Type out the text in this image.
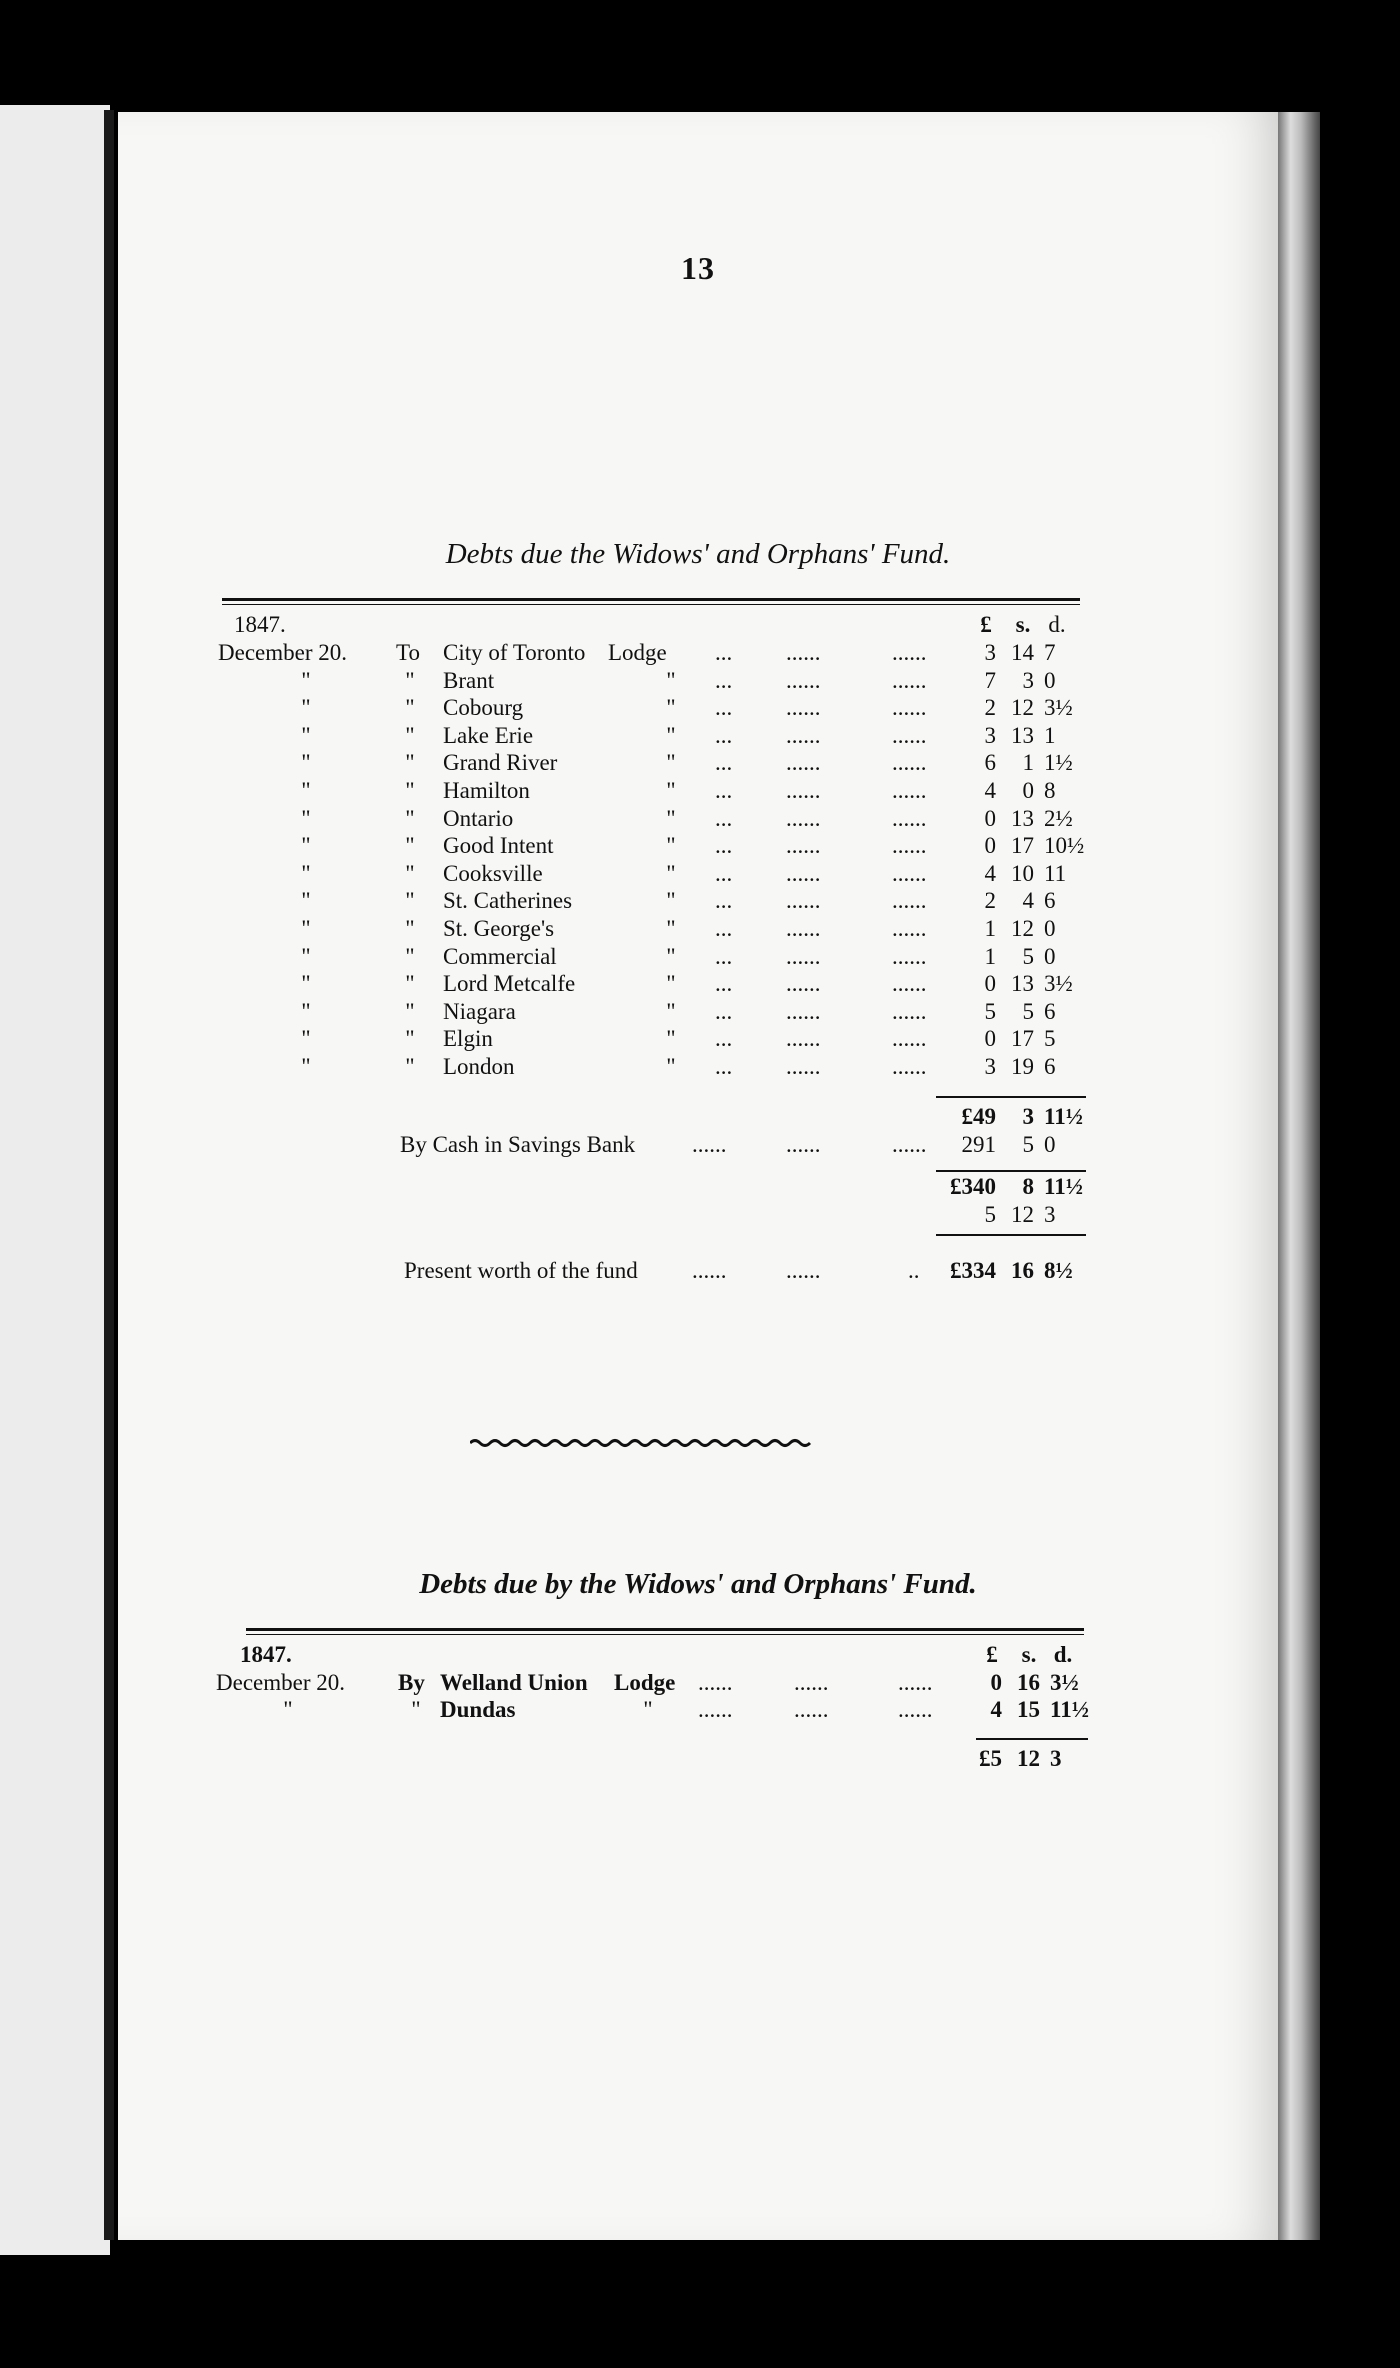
13
Debts due the Widows' and Orphans' Fund.
1847.	£	s. d.
December 20. To City of Toronto Lodge ... ......	......	3 14 7
"	" Brant	" ... ......	......	7	3 0
"	" Cobourg	" ... ......	......	2 12 3½
"	" Lake Erie	" ... ......	......	3 13 1
"	" Grand River	" ... ......	......	6	1 1½
"	" Hamilton	" ... ......	......	4	0 8
"	" Ontario	" ... ......	......	0 13 2½
"	" Good Intent	" ... ......	......	0 17 10½
"	" Cooksville	" ... ......	......	4 10 11
"	" St. Catherines	" ... ......	......	2	4 6
"	" St. George's	" ... ......	......	1 12 0
"	" Commercial	" ... ......	......	1	5 0
"	" Lord Metcalfe	" ... ......	......	0 13 3½
"	" Niagara	" ... ......	......	5	5 6
"	" Elgin	" ... ......	......	0 17 5
"	" London	" ... ......	......	3 19 6
£49	3 11½
By Cash in Savings Bank ......	......	......	291	5 0
£340	8 11½
5 12 3
Present worth of the fund ......	......	..	£334 16 8½
Debts due by the Widows' and Orphans' Fund.
1847.	£	s. d.
December 20. By Welland Union Lodge ......	......	......	0 16 3½
"	" Dundas	" ......	......	......	4 15 11½
£5 12 3
